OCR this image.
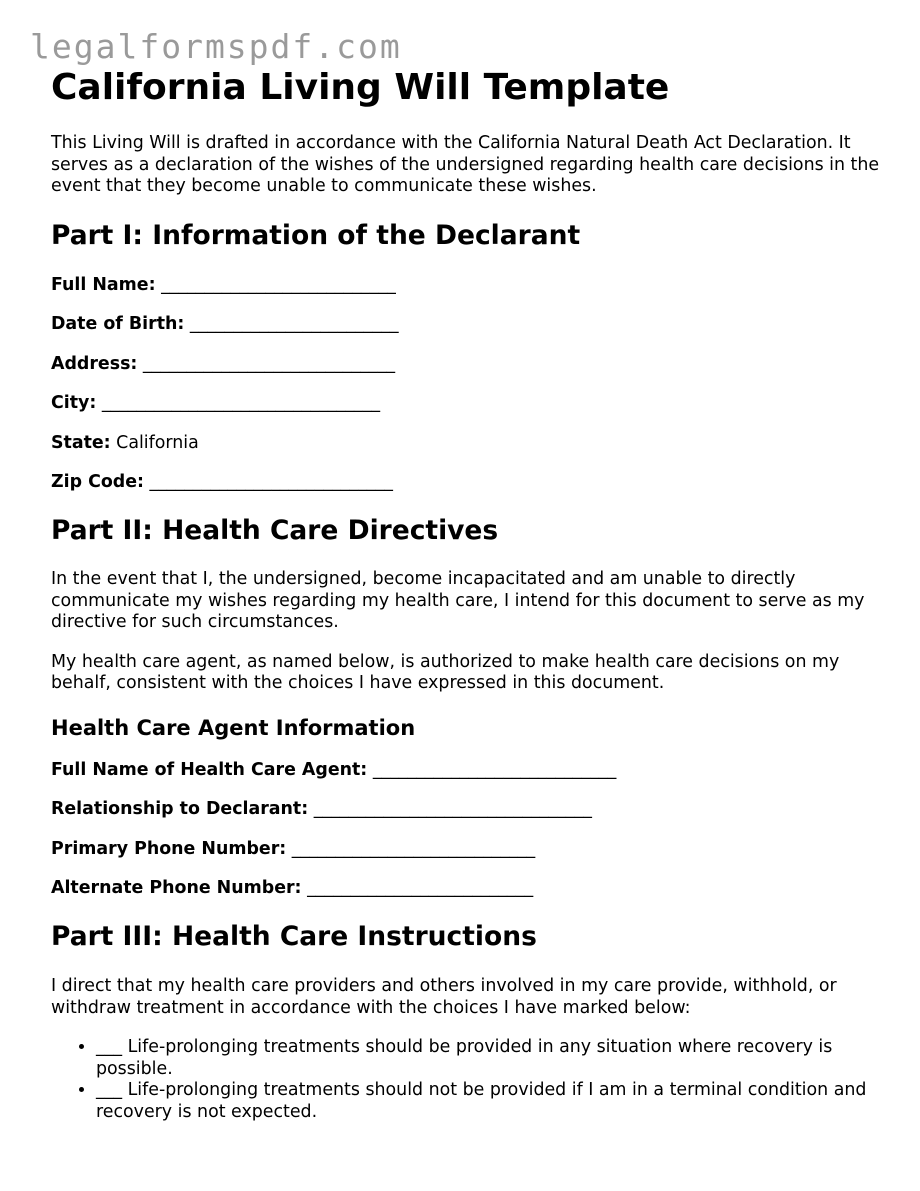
legalformspdf.com
California Living Will Template

This Living Will is drafted in accordance with the California Natural Death Act Declaration. It serves as a declaration of the wishes of the undersigned regarding health care decisions in the event that they become unable to communicate these wishes.

Part I: Information of the Declarant
Full Name: ___________________________
Date of Birth: ________________________
Address: _____________________________
City: ________________________________
State: California
Zip Code: ____________________________
Part II: Health Care Directives

In the event that I, the undersigned, become incapacitated and am unable to directly communicate my wishes regarding my health care, I intend for this document to serve as my directive for such circumstances.

My health care agent, as named below, is authorized to make health care decisions on my behalf, consistent with the choices I have expressed in this document.

Health Care Agent Information
Full Name of Health Care Agent: ____________________________
Relationship to Declarant: ________________________________
Primary Phone Number: ____________________________
Alternate Phone Number: __________________________
Part III: Health Care Instructions

I direct that my health care providers and others involved in my care provide, withhold, or withdraw treatment in accordance with the choices I have marked below:

• ___ Life-prolonging treatments should be provided in any situation where recovery is possible.
• ___ Life-prolonging treatments should not be provided if I am in a terminal condition and recovery is not expected.
